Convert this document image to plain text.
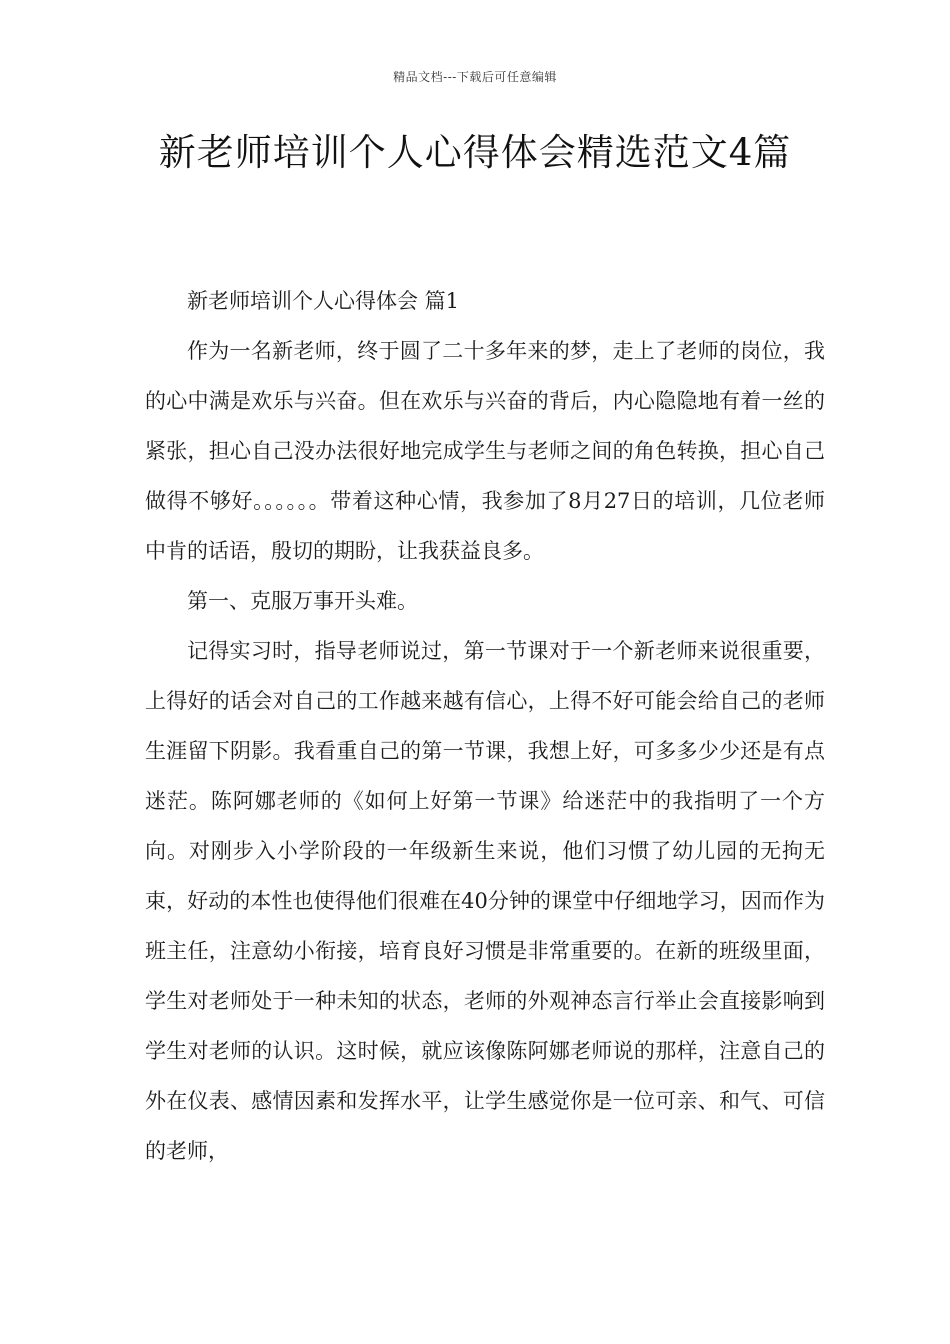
精品文档---下载后可任意编辑
新老师培训个人心得体会精选范文4篇

新老师培训个人心得体会 篇1

作为一名新老师，终于圆了二十多年来的梦，走上了老师的岗位，我的心中满是欢乐与兴奋。但在欢乐与兴奋的背后，内心隐隐地有着一丝的紧张，担心自己没办法很好地完成学生与老师之间的角色转换，担心自己做得不够好。。。。。。带着这种心情，我参加了8月27日的培训，几位老师中肯的话语，殷切的期盼，让我获益良多。

第一、克服万事开头难。

记得实习时，指导老师说过，第一节课对于一个新老师来说很重要，上得好的话会对自己的工作越来越有信心，上得不好可能会给自己的老师生涯留下阴影。我看重自己的第一节课，我想上好，可多多少少还是有点迷茫。陈阿娜老师的《如何上好第一节课》给迷茫中的我指明了一个方向。对刚步入小学阶段的一年级新生来说，他们习惯了幼儿园的无拘无束，好动的本性也使得他们很难在40分钟的课堂中仔细地学习，因而作为班主任，注意幼小衔接，培育良好习惯是非常重要的。在新的班级里面，学生对老师处于一种未知的状态，老师的外观神态言行举止会直接影响到学生对老师的认识。这时候，就应该像陈阿娜老师说的那样，注意自己的外在仪表、感情因素和发挥水平，让学生感觉你是一位可亲、和气、可信的老师，
